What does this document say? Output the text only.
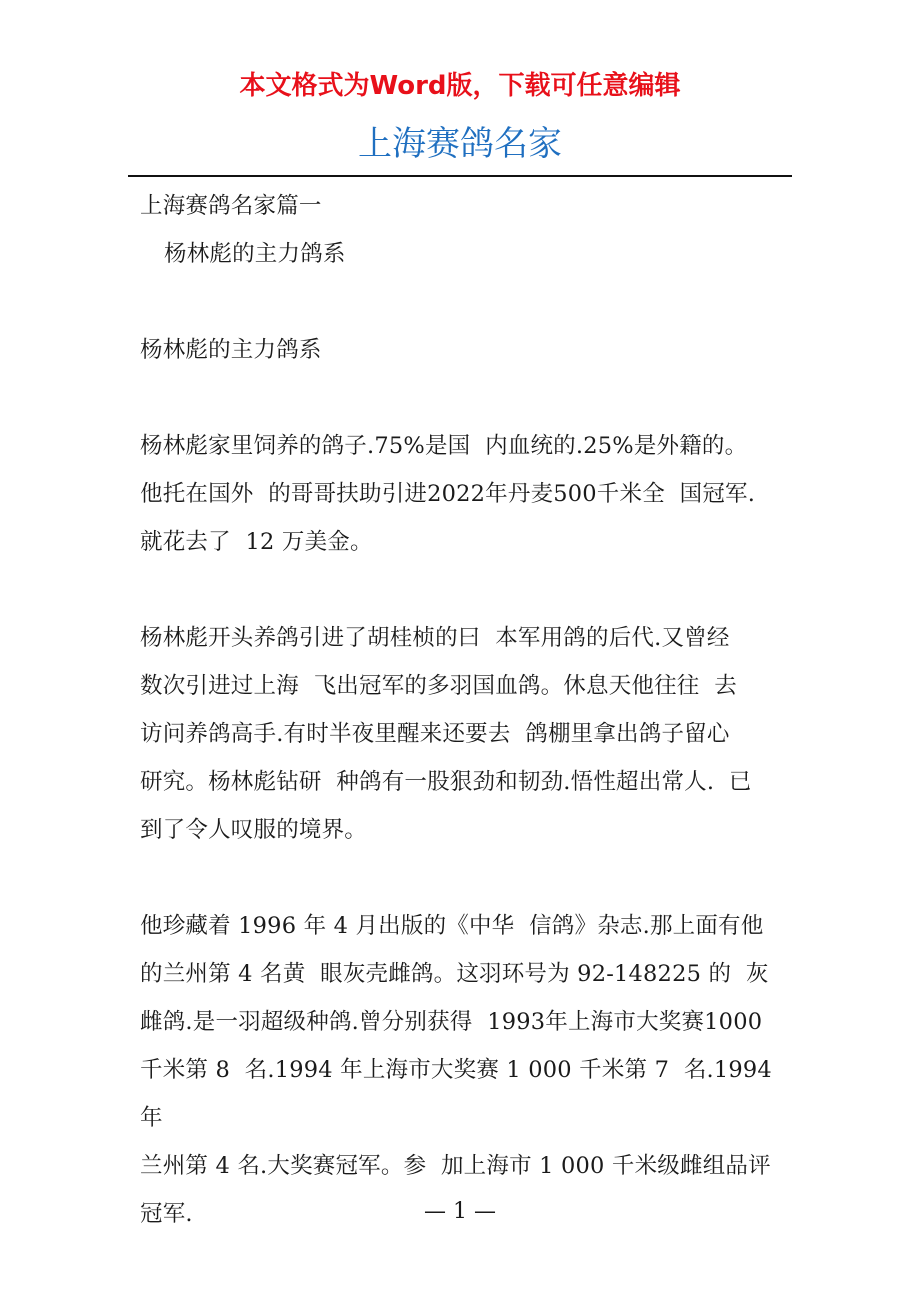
本文格式为Word版，下载可任意编辑
上海赛鸽名家

上海赛鸽名家篇一

杨林彪的主力鸽系

杨林彪的主力鸽系

杨林彪家里饲养的鸽子.75%是国  内血统的.25%是外籍的。

他托在国外  的哥哥扶助引进2022年丹麦500千米全  国冠军.

就花去了  12 万美金。

杨林彪开头养鸽引进了胡桂桢的曰  本军用鸽的后代.又曾经

数次引进过上海  飞出冠军的多羽国血鸽。休息天他往往  去

访问养鸽高手.有时半夜里醒来还要去  鸽棚里拿出鸽子留心

研究。杨林彪钻研  种鸽有一股狠劲和韧劲.悟性超出常人.  已

到了令人叹服的境界。

他珍藏着 1996 年 4 月出版的《中华  信鸽》杂志.那上面有他

的兰州第 4 名黄  眼灰壳雌鸽。这羽环号为 92-148225 的  灰

雌鸽.是一羽超级种鸽.曾分别获得  1993年上海市大奖赛1000

千米第 8  名.1994 年上海市大奖赛 1 000 千米第 7  名.1994 年

兰州第 4 名.大奖赛冠军。参  加上海市 1 000 千米级雌组品评

冠军.	— 1 —
